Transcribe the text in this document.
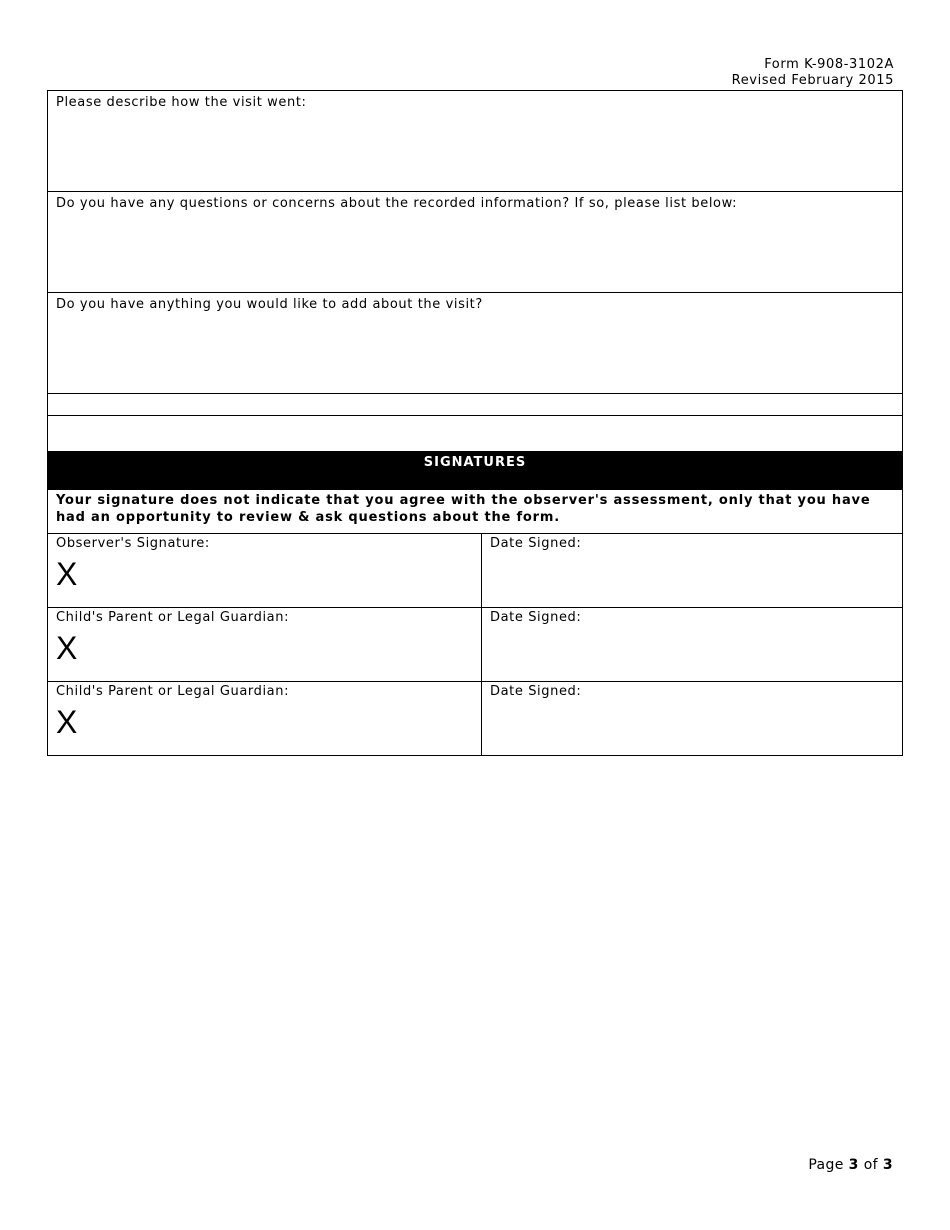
Form K-908-3102A
Revised February 2015
Please describe how the visit went:	

Do you have any questions or concerns about the recorded information? If so, please list below:	

Do you have anything you would like to add about the visit?	

SIGNATURES	

Your signature does not indicate that you agree with the observer's assessment, only that you have had an opportunity to review & ask questions about the form.	

Observer's Signature:
X	Date Signed:

Child's Parent or Legal Guardian:
X	Date Signed:

Child's Parent or Legal Guardian:
X	Date Signed:
Page 3 of 3
